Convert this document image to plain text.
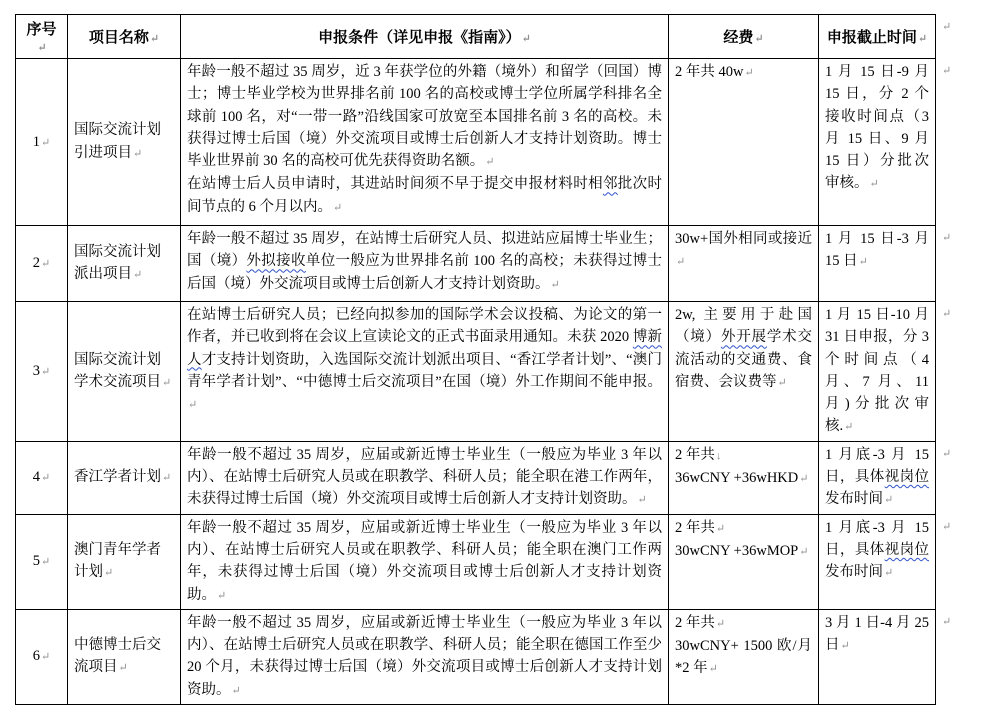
序号↵	项目名称↵	申报条件（详见申报《指南》）↵	经费↵	申报截止时间↵

1↵	国际交流计划引进项目↵	年龄一般不超过 35 周岁，近 3 年获学位的外籍（境外）和留学（回国）博士；博士毕业学校为世界排名前 100 名的高校或博士学位所属学科排名全球前 100 名，对“一带一路”沿线国家可放宽至本国排名前 3 名的高校。未获得过博士后国（境）外交流项目或博士后创新人才支持计划资助。博士毕业世界前 30 名的高校可优先获得资助名额。↵
在站博士后人员申请时，其进站时间须不早于提交申报材料时相邻批次时间节点的 6 个月以内。↵	2 年共 40w↵	1 月 15 日-9 月 15 日，分 2 个接收时间点（3 月 15 日、9 月 15 日）分批次审核。↵

2↵	国际交流计划派出项目↵	年龄一般不超过 35 周岁，在站博士后研究人员、拟进站应届博士毕业生；国（境）外拟接收单位一般应为世界排名前 100 名的高校；未获得过博士后国（境）外交流项目或博士后创新人才支持计划资助。↵	30w+国外相同或接近↵	1 月 15 日-3 月 15 日↵

3↵	国际交流计划学术交流项目↵	在站博士后研究人员；已经向拟参加的国际学术会议投稿、为论文的第一作者，并已收到将在会议上宣读论文的正式书面录用通知。未获 2020 博新人才支持计划资助，入选国际交流计划派出项目、“香江学者计划”、“澳门青年学者计划”、“中德博士后交流项目”在国（境）外工作期间不能申报。↵	2w, 主要用于赴国（境）外开展学术交流活动的交通费、食宿费、会议费等↵	1 月 15 日-10 月 31 日申报，分 3 个时间点（4 月、7 月、11 月)分批次审核.↵

4↵	香江学者计划↵	年龄一般不超过 35 周岁，应届或新近博士毕业生（一般应为毕业 3 年以内）、在站博士后研究人员或在职教学、科研人员；能全职在港工作两年，未获得过博士后国（境）外交流项目或博士后创新人才支持计划资助。↵	2 年共↓
36wCNY +36wHKD↵	1 月底-3 月 15 日，具体视岗位发布时间↵

5↵	澳门青年学者计划↵	年龄一般不超过 35 周岁，应届或新近博士毕业生（一般应为毕业 3 年以内）、在站博士后研究人员或在职教学、科研人员；能全职在澳门工作两年，未获得过博士后国（境）外交流项目或博士后创新人才支持计划资助。↵	2 年共↵
30wCNY +36wMOP↵	1 月底-3 月 15 日，具体视岗位发布时间↵

6↵	中德博士后交流项目↵	年龄一般不超过 35 周岁，应届或新近博士毕业生（一般应为毕业 3 年以内）、在站博士后研究人员或在职教学、科研人员；能全职在德国工作至少 20 个月，未获得过博士后国（境）外交流项目或博士后创新人才支持计划资助。↵	2 年共↵
30wCNY+ 1500 欧/月*2 年↵	3 月 1 日-4 月 25 日↵
↵
↵
↵
↵
↵
↵
↵
